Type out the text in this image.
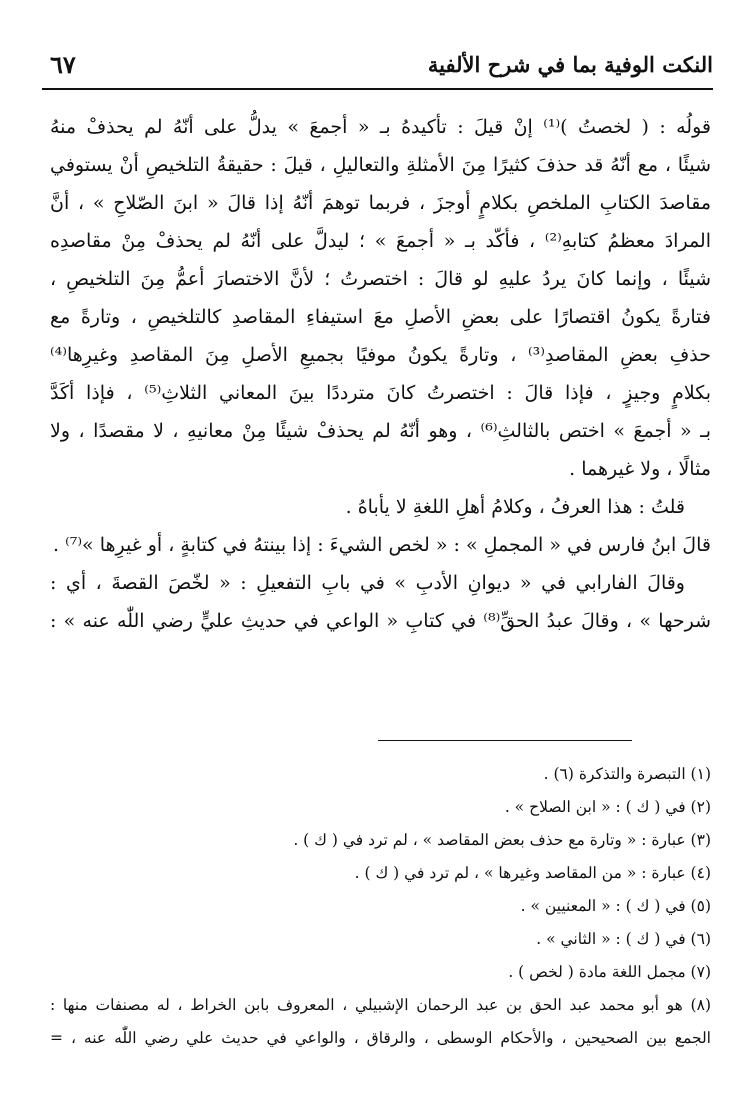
النكت الوفية بما في شرح الألفية
٦٧
قولُه : ( لخصتُ )⁽¹⁾ إنْ قيلَ : تأكيدهُ بـ « أجمعَ » يدلُّ على أنّهُ لم يحذفْ منهُ
شيئًا ، مع أنّهُ قد حذفَ كثيرًا مِنَ الأمثلةِ والتعاليلِ ، قيلَ : حقيقةُ التلخيصِ أنْ يستوفي
مقاصدَ الكتابِ الملخصِ بكلامٍ أوجزَ ، فربما توهمَ أنّهُ إذا قالَ « ابنَ الصّلاحِ » ، أنَّ
المرادَ معظمُ كتابهِ⁽²⁾ ، فأكّد بـ « أجمعَ » ؛ ليدلَّ على أنّهُ لم يحذفْ مِنْ مقاصدِه
شيئًا ، وإنما كانَ يردُ عليهِ لو قالَ : اختصرتُ ؛ لأنَّ الاختصارَ أعمُّ مِنَ التلخيصِ ،
فتارةً يكونُ اقتصارًا على بعضِ الأصلِ معَ استيفاءِ المقاصدِ كالتلخيصِ ، وتارةً مع
حذفِ بعضِ المقاصدِ⁽³⁾ ، وتارةً يكونُ موفيًا بجميعِ الأصلِ مِنَ المقاصدِ وغيرِها⁽⁴⁾
بكلامٍ وجيزٍ ، فإذا قالَ : اختصرتُ كانَ مترددًا بينَ المعاني الثلاثِ⁽⁵⁾ ، فإذا أكَدَّ
بـ « أجمعَ » اختص بالثالثِ⁽⁶⁾ ، وهو أنّهُ لم يحذفْ شيئًا مِنْ معانيهِ ، لا مقصدًا ، ولا
مثالًا ، ولا غيرهما .
قلتُ : هذا العرفُ ، وكلامُ أهلِ اللغةِ لا يأباهُ .
قالَ ابنُ فارس في « المجملِ » : « لخص الشيءَ : إذا بينتهُ في كتابةٍ ، أو غيرِها »⁽⁷⁾ .
وقالَ الفارابي في « ديوانِ الأدبِ » في بابِ التفعيلِ : « لخّصَ القصةَ ، أي :
شرحها » ، وقالَ عبدُ الحقِّ⁽⁸⁾ في كتابِ « الواعي في حديثِ عليٍّ رضي اللّٰه عنه » :
(١) التبصرة والتذكرة (٦) .
(٢) في ( ك ) : « ابن الصلاح » .
(٣) عبارة : « وتارة مع حذف بعض المقاصد » ، لم ترد في ( ك ) .
(٤) عبارة : « من المقاصد وغيرها » ، لم ترد في ( ك ) .
(٥) في ( ك ) : « المعنيين » .
(٦) في ( ك ) : « الثاني » .
(٧) مجمل اللغة مادة ( لخص ) .
(٨) هو أبو محمد عبد الحق بن عبد الرحمان الإشبيلي ، المعروف بابن الخراط ، له مصنفات منها :
الجمع بين الصحيحين ، والأحكام الوسطى ، والرقاق ، والواعي في حديث علي رضي اللّٰه عنه ، =
